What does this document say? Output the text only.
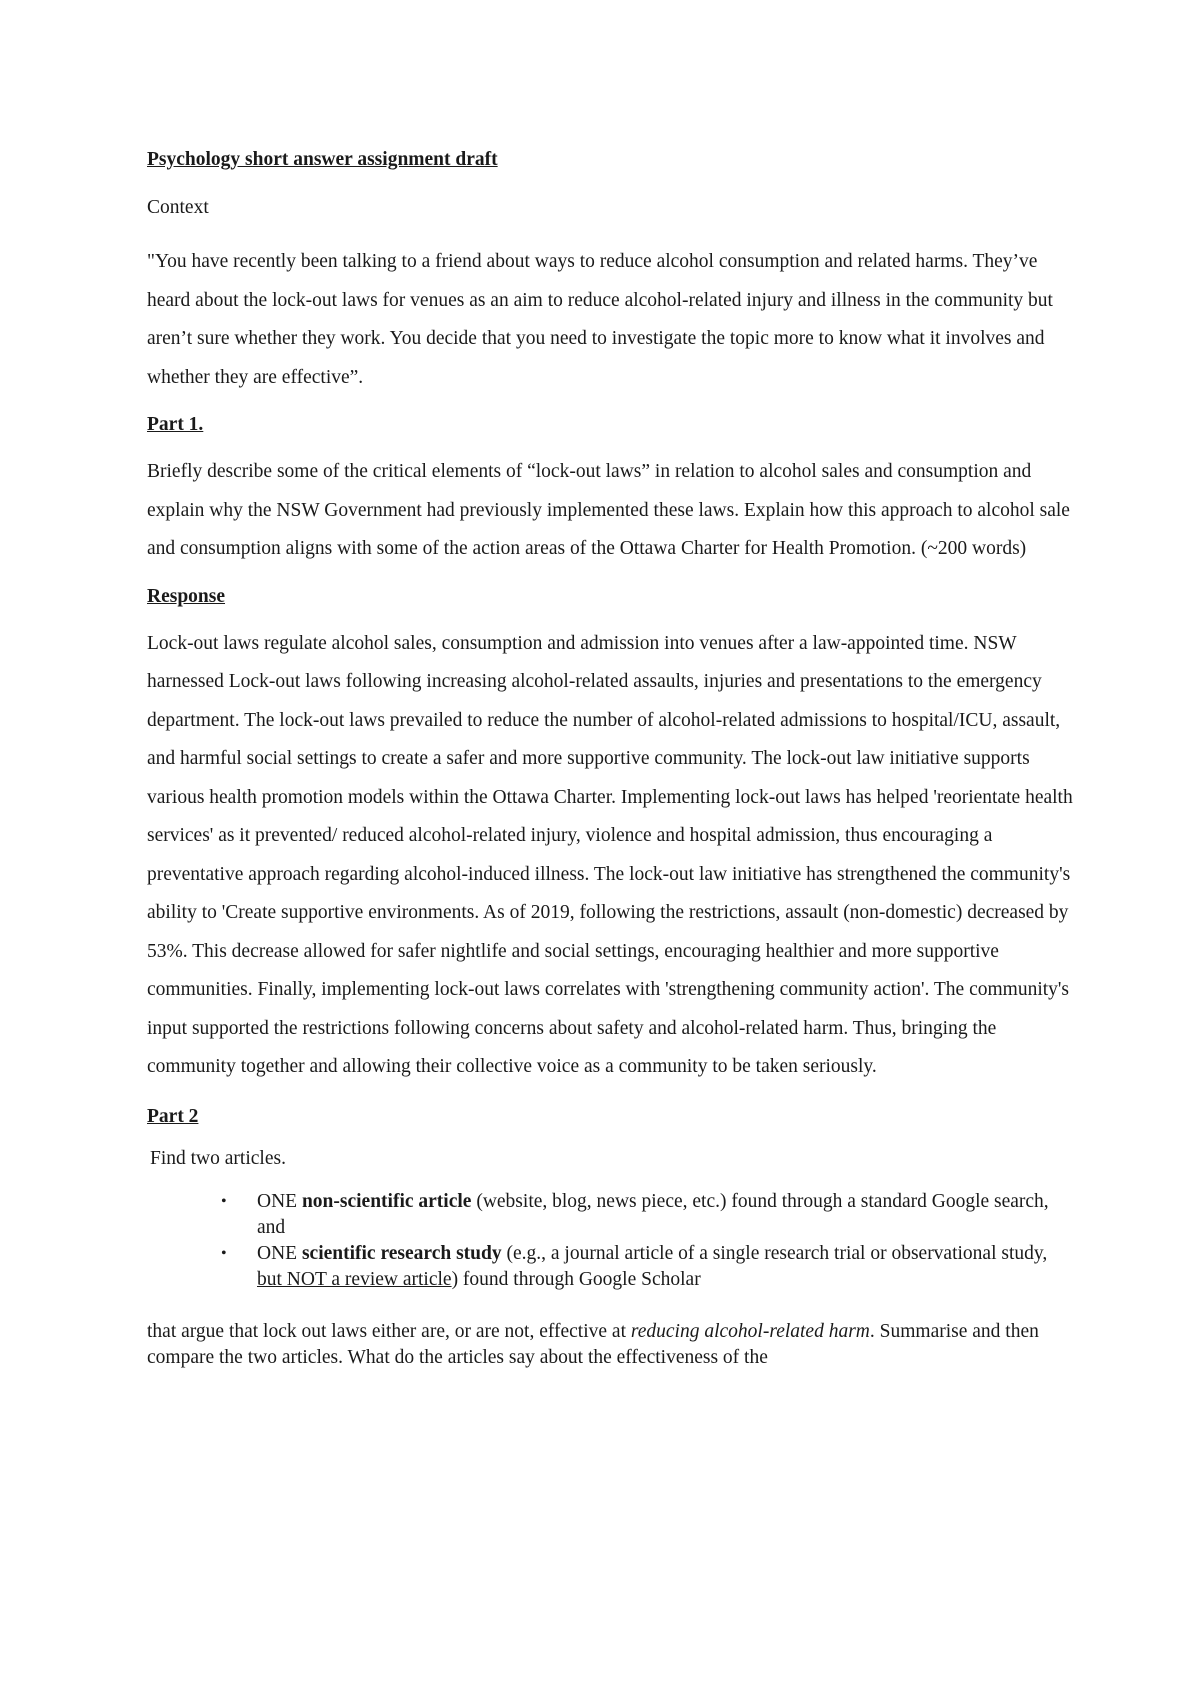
Psychology short answer assignment draft

Context

"You have recently been talking to a friend about ways to reduce alcohol consumption and related harms. They’ve heard about the lock-out laws for venues as an aim to reduce alcohol-related injury and illness in the community but aren’t sure whether they work. You decide that you need to investigate the topic more to know what it involves and whether they are effective”.

Part 1.

Briefly describe some of the critical elements of “lock-out laws” in relation to alcohol sales and consumption and explain why the NSW Government had previously implemented these laws. Explain how this approach to alcohol sale and consumption aligns with some of the action areas of the Ottawa Charter for Health Promotion. (~200 words)

Response

Lock-out laws regulate alcohol sales, consumption and admission into venues after a law-appointed time. NSW harnessed Lock-out laws following increasing alcohol-related assaults, injuries and presentations to the emergency department. The lock-out laws prevailed to reduce the number of alcohol-related admissions to hospital/ICU, assault, and harmful social settings to create a safer and more supportive community. The lock-out law initiative supports various health promotion models within the Ottawa Charter. Implementing lock-out laws has helped 'reorientate health services' as it prevented/ reduced alcohol-related injury, violence and hospital admission, thus encouraging a preventative approach regarding alcohol-induced illness. The lock-out law initiative has strengthened the community's ability to 'Create supportive environments. As of 2019, following the restrictions, assault (non-domestic) decreased by 53%. This decrease allowed for safer nightlife and social settings, encouraging healthier and more supportive communities. Finally, implementing lock-out laws correlates with 'strengthening community action'. The community's input supported the restrictions following concerns about safety and alcohol-related harm. Thus, bringing the community together and allowing their collective voice as a community to be taken seriously.

Part 2

Find two articles.

• ONE non-scientific article (website, blog, news piece, etc.) found through a standard Google search, and
• ONE scientific research study (e.g., a journal article of a single research trial or observational study, but NOT a review article) found through Google Scholar

that argue that lock out laws either are, or are not, effective at reducing alcohol-related harm. Summarise and then compare the two articles. What do the articles say about the effectiveness of the
